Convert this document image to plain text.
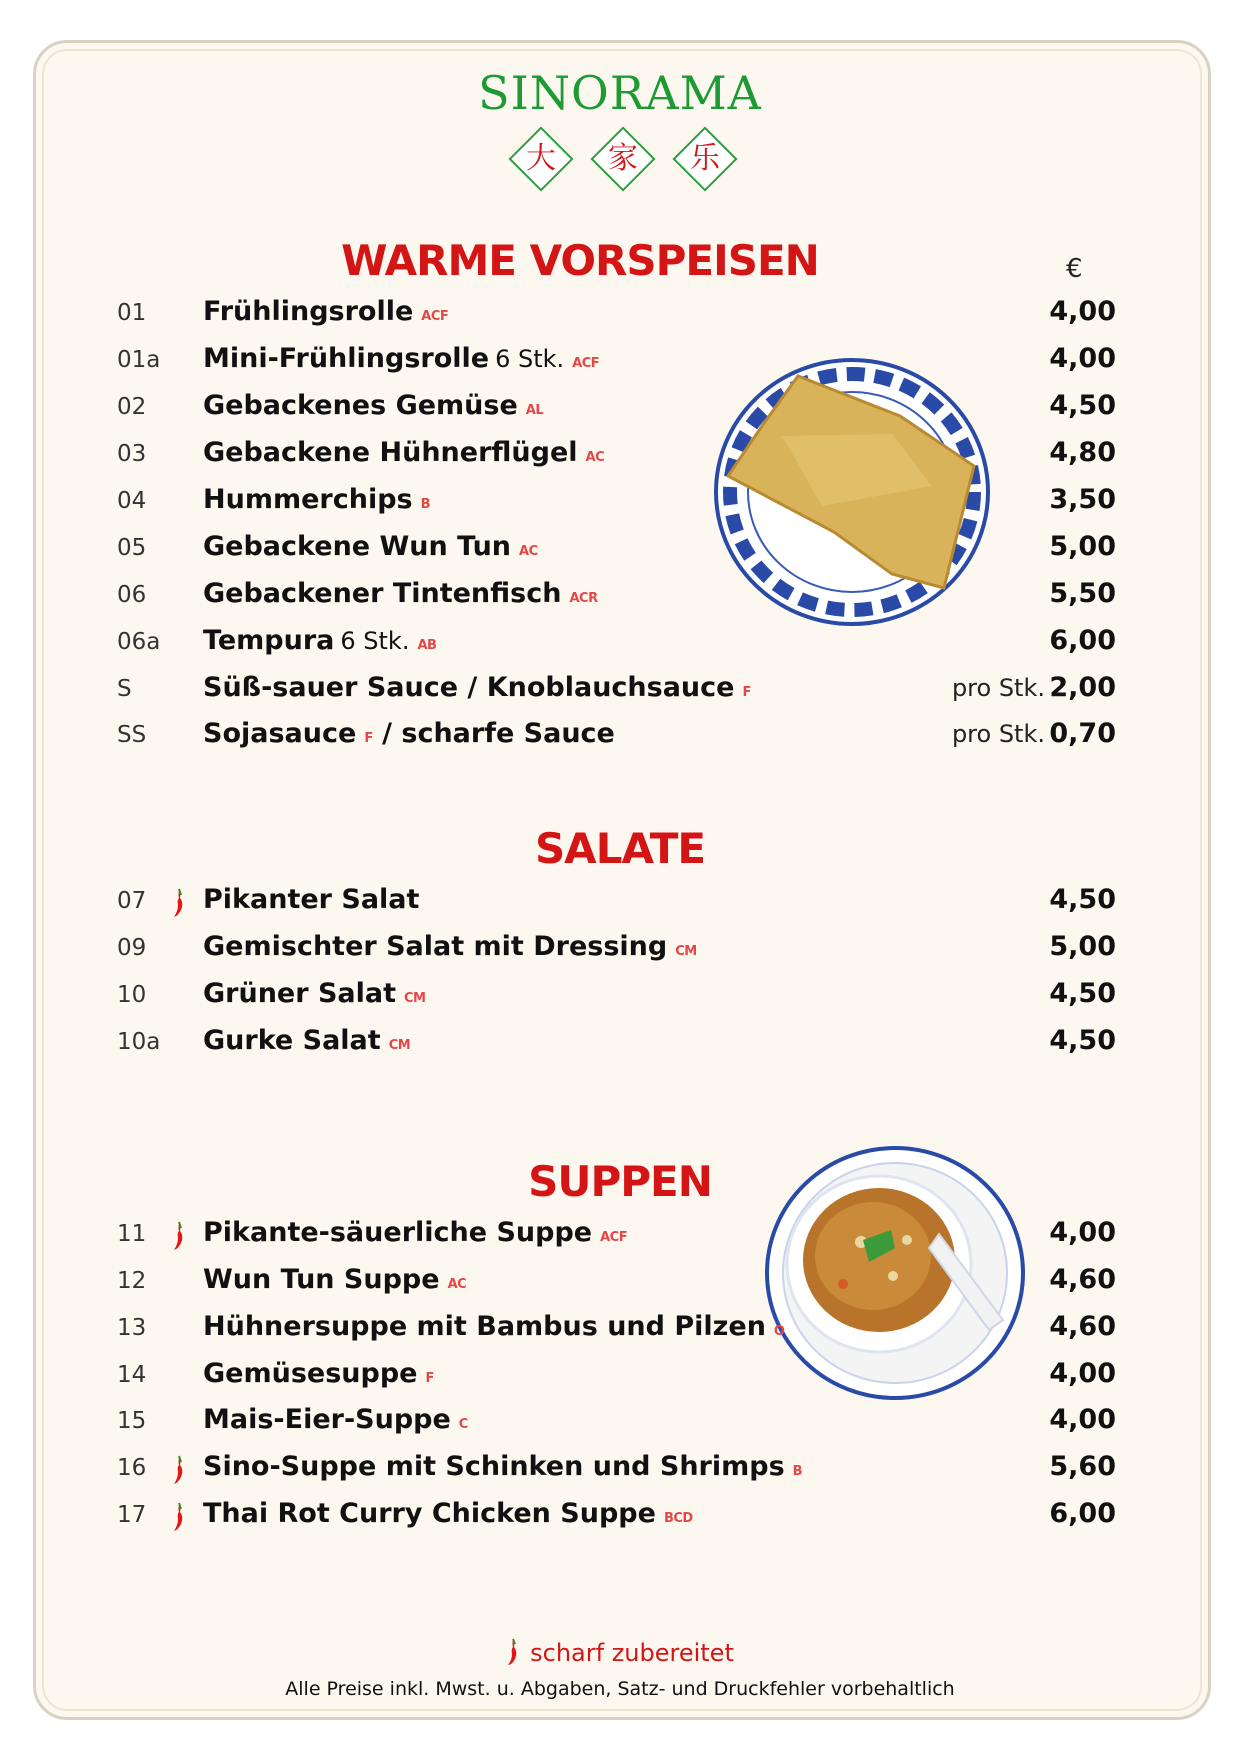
SINORAMA
大 家 乐
WARME VORSPEISEN	€
SALATE
SUPPEN
01 Frühlingsrolle ACF	4,00
01a Mini-Frühlingsrolle 6 Stk. ACF	4,00
02 Gebackenes Gemüse AL	4,50
03 Gebackene Hühnerflügel AC	4,80
04 Hummerchips B	3,50
05 Gebackene Wun Tun AC	5,00
06 Gebackener Tintenfisch ACR	5,50
06a Tempura 6 Stk. AB	6,00
S	Süß-sauer Sauce / Knoblauchsauce F	pro Stk. 2,00
SS Sojasauce F / scharfe Sauce	pro Stk. 0,70
07 Pikanter Salat	4,50
09 Gemischter Salat mit Dressing CM	5,00
10 Grüner Salat CM	4,50
10a Gurke Salat CM	4,50
11 Pikante-säuerliche Suppe ACF	4,00
12 Wun Tun Suppe AC	4,60
13 Hühnersuppe mit Bambus und Pilzen O	4,60
14 Gemüsesuppe F	4,00
15 Mais-Eier-Suppe C	4,00
16 Sino-Suppe mit Schinken und Shrimps B	5,60
17 Thai Rot Curry Chicken Suppe BCD	6,00
scharf zubereitet
Alle Preise inkl. Mwst. u. Abgaben, Satz- und Druckfehler vorbehaltlich
